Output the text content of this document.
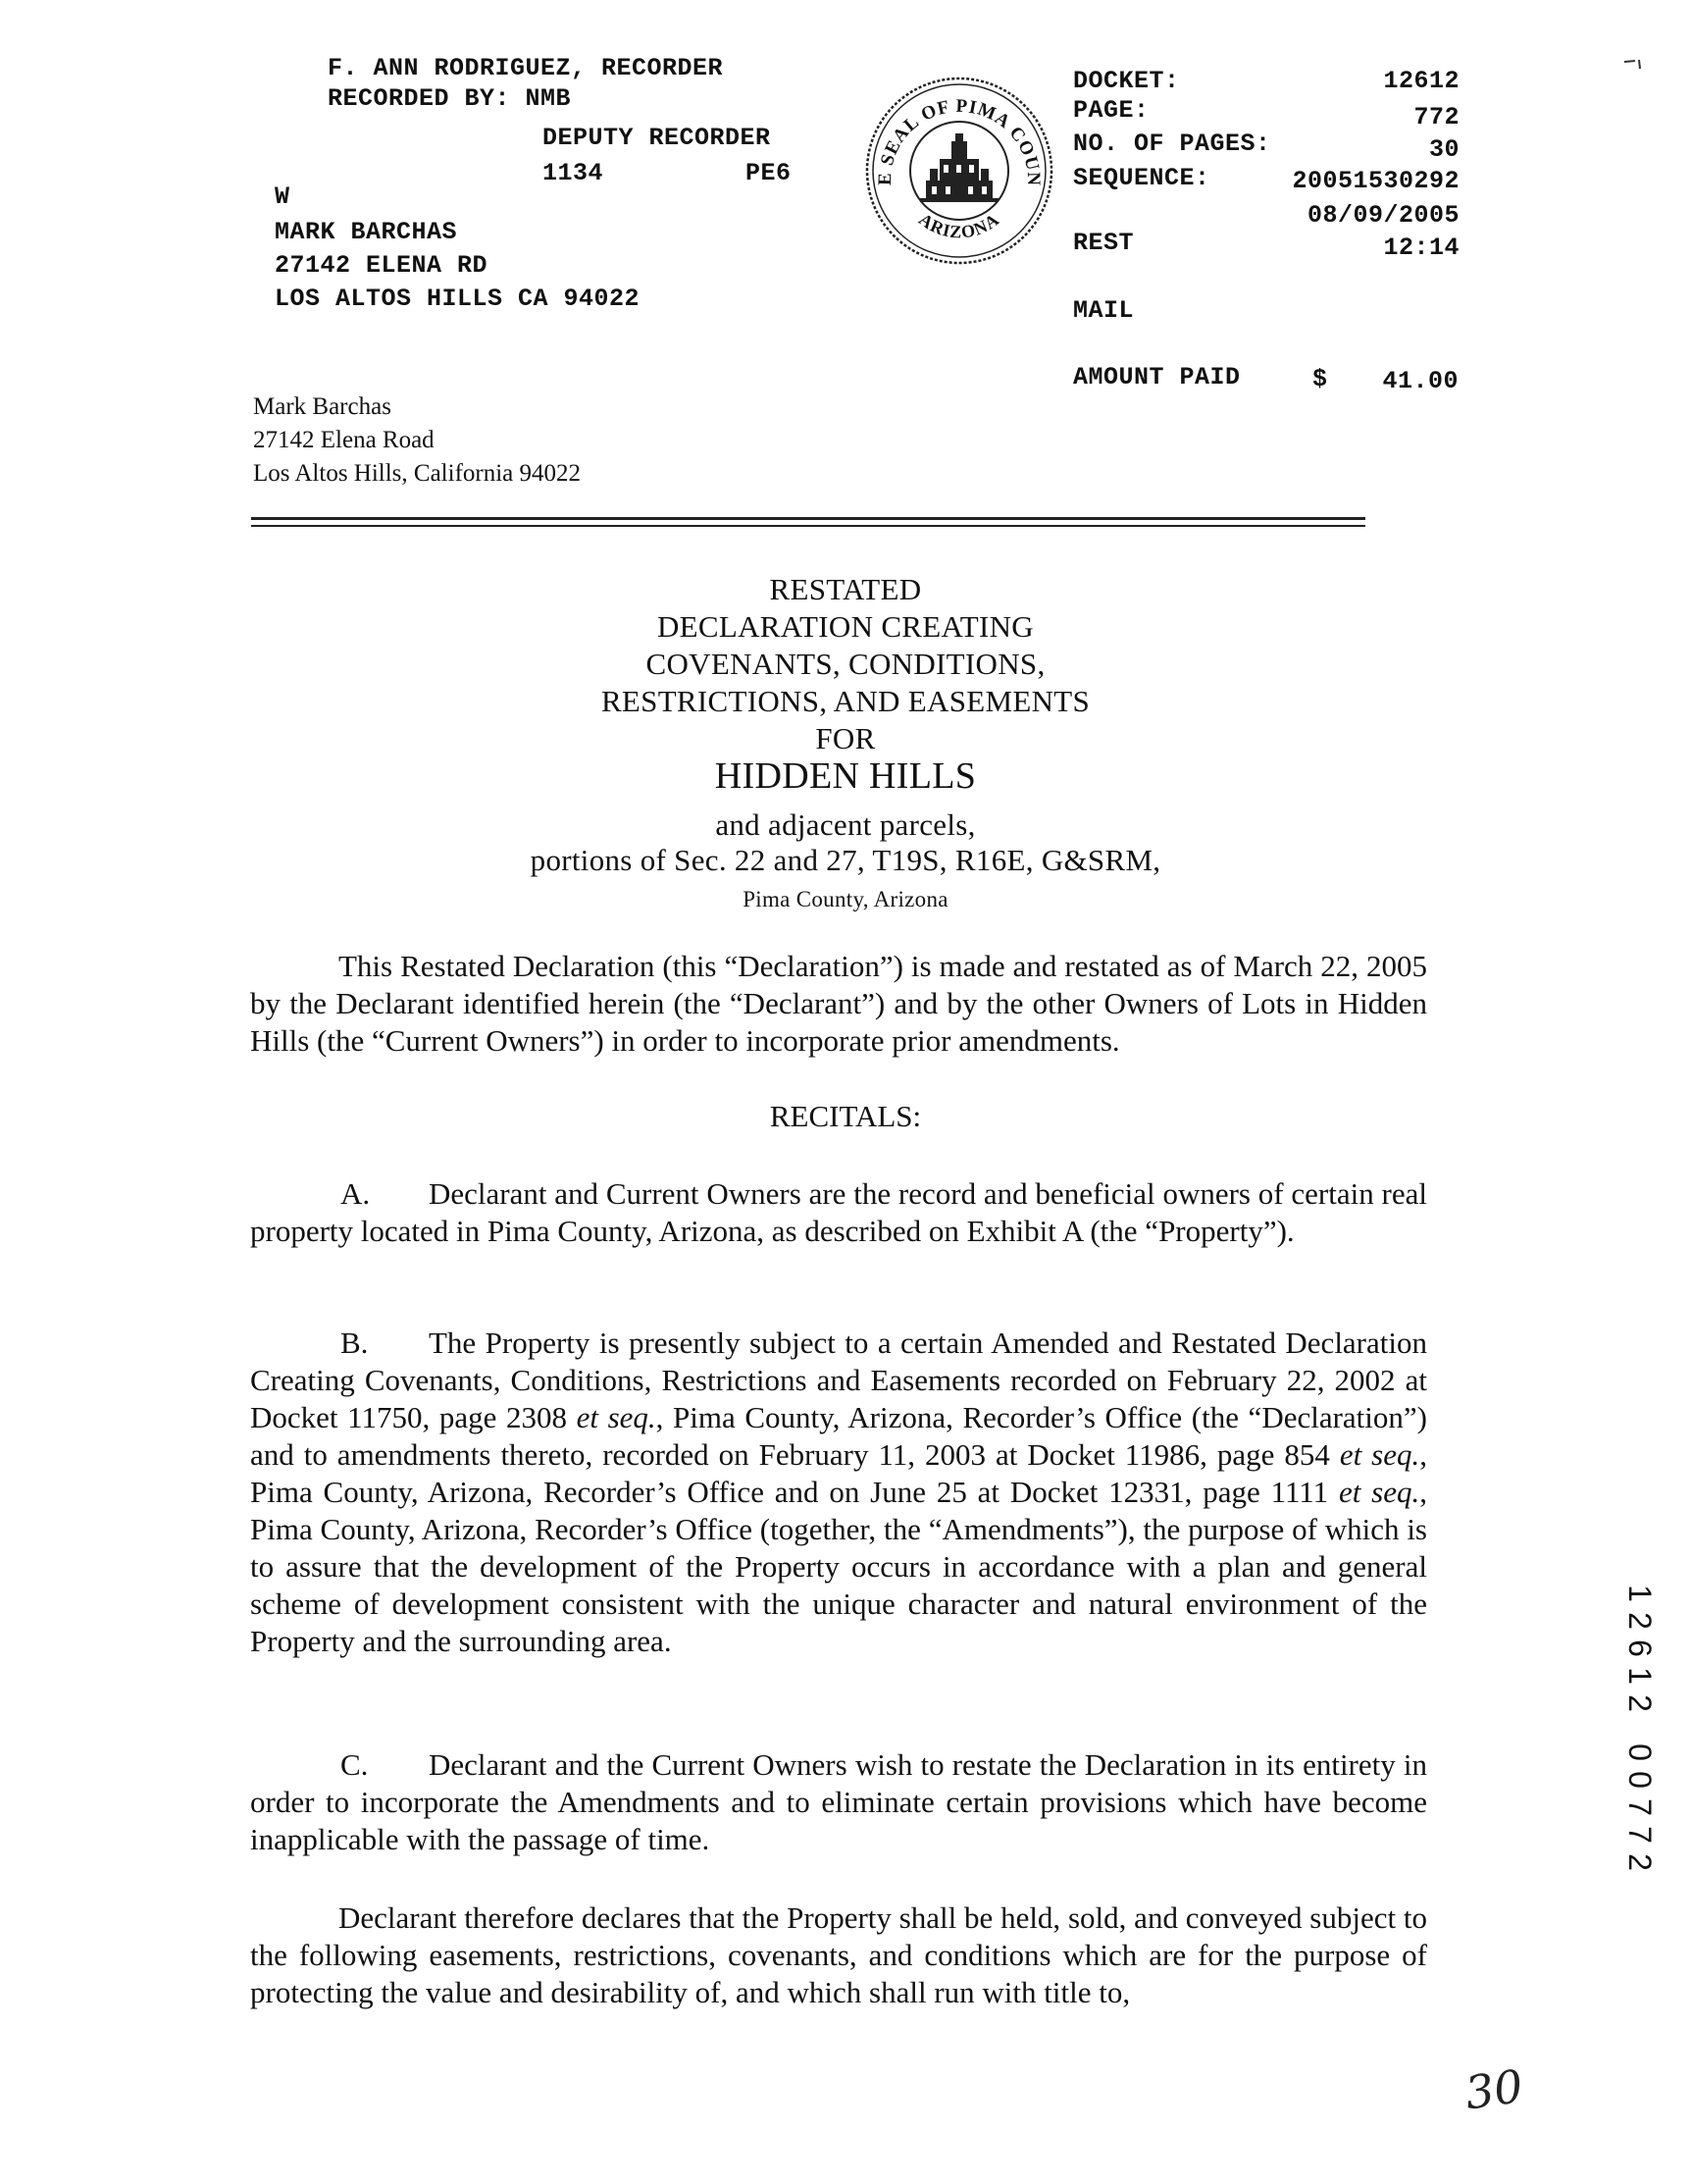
F. ANN RODRIGUEZ, RECORDER
RECORDED BY: NMB
DEPUTY RECORDER
1134	PE6
W
MARK BARCHAS
27142 ELENA RD
LOS ALTOS HILLS CA 94022
E SEAL OF PIMA COUN
ARIZONA
DOCKET:	12612
PAGE:	772
NO. OF PAGES:	30
SEQUENCE:	20051530292
08/09/2005
REST	12:14
MAIL
AMOUNT PAID	$ 41.00
Mark Barchas
27142 Elena Road
Los Altos Hills, California 94022
RESTATED
DECLARATION CREATING
COVENANTS, CONDITIONS,
RESTRICTIONS, AND EASEMENTS
FOR
HIDDEN HILLS
and adjacent parcels,
portions of Sec. 22 and 27, T19S, R16E, G&SRM,
Pima County, Arizona
This Restated Declaration (this “Declaration”) is made and restated as of March 22, 2005 by the Declarant identified herein (the “Declarant”) and by the other Owners of Lots in Hidden Hills (the “Current Owners”) in order to incorporate prior amendments.
RECITALS:
A. Declarant and Current Owners are the record and beneficial owners of certain real property located in Pima County, Arizona, as described on Exhibit A (the “Property”).
B. The Property is presently subject to a certain Amended and Restated Declaration Creating Covenants, Conditions, Restrictions and Easements recorded on February 22, 2002 at Docket 11750, page 2308 et seq., Pima County, Arizona, Recorder’s Office (the “Declaration”) and to amendments thereto, recorded on February 11, 2003 at Docket 11986, page 854 et seq., Pima County, Arizona, Recorder’s Office and on June 25 at Docket 12331, page 1111 et seq., Pima County, Arizona, Recorder’s Office (together, the “Amendments”), the purpose of which is to assure that the development of the Property occurs in accordance with a plan and general scheme of development consistent with the unique character and natural environment of the Property and the surrounding area.
C. Declarant and the Current Owners wish to restate the Declaration in its entirety in order to incorporate the Amendments and to eliminate certain provisions which have become inapplicable with the passage of time.
Declarant therefore declares that the Property shall be held, sold, and conveyed subject to the following easements, restrictions, covenants, and conditions which are for the purpose of protecting the value and desirability of, and which shall run with title to,
1
2
6
1
2
0
0
7
7
2
30
